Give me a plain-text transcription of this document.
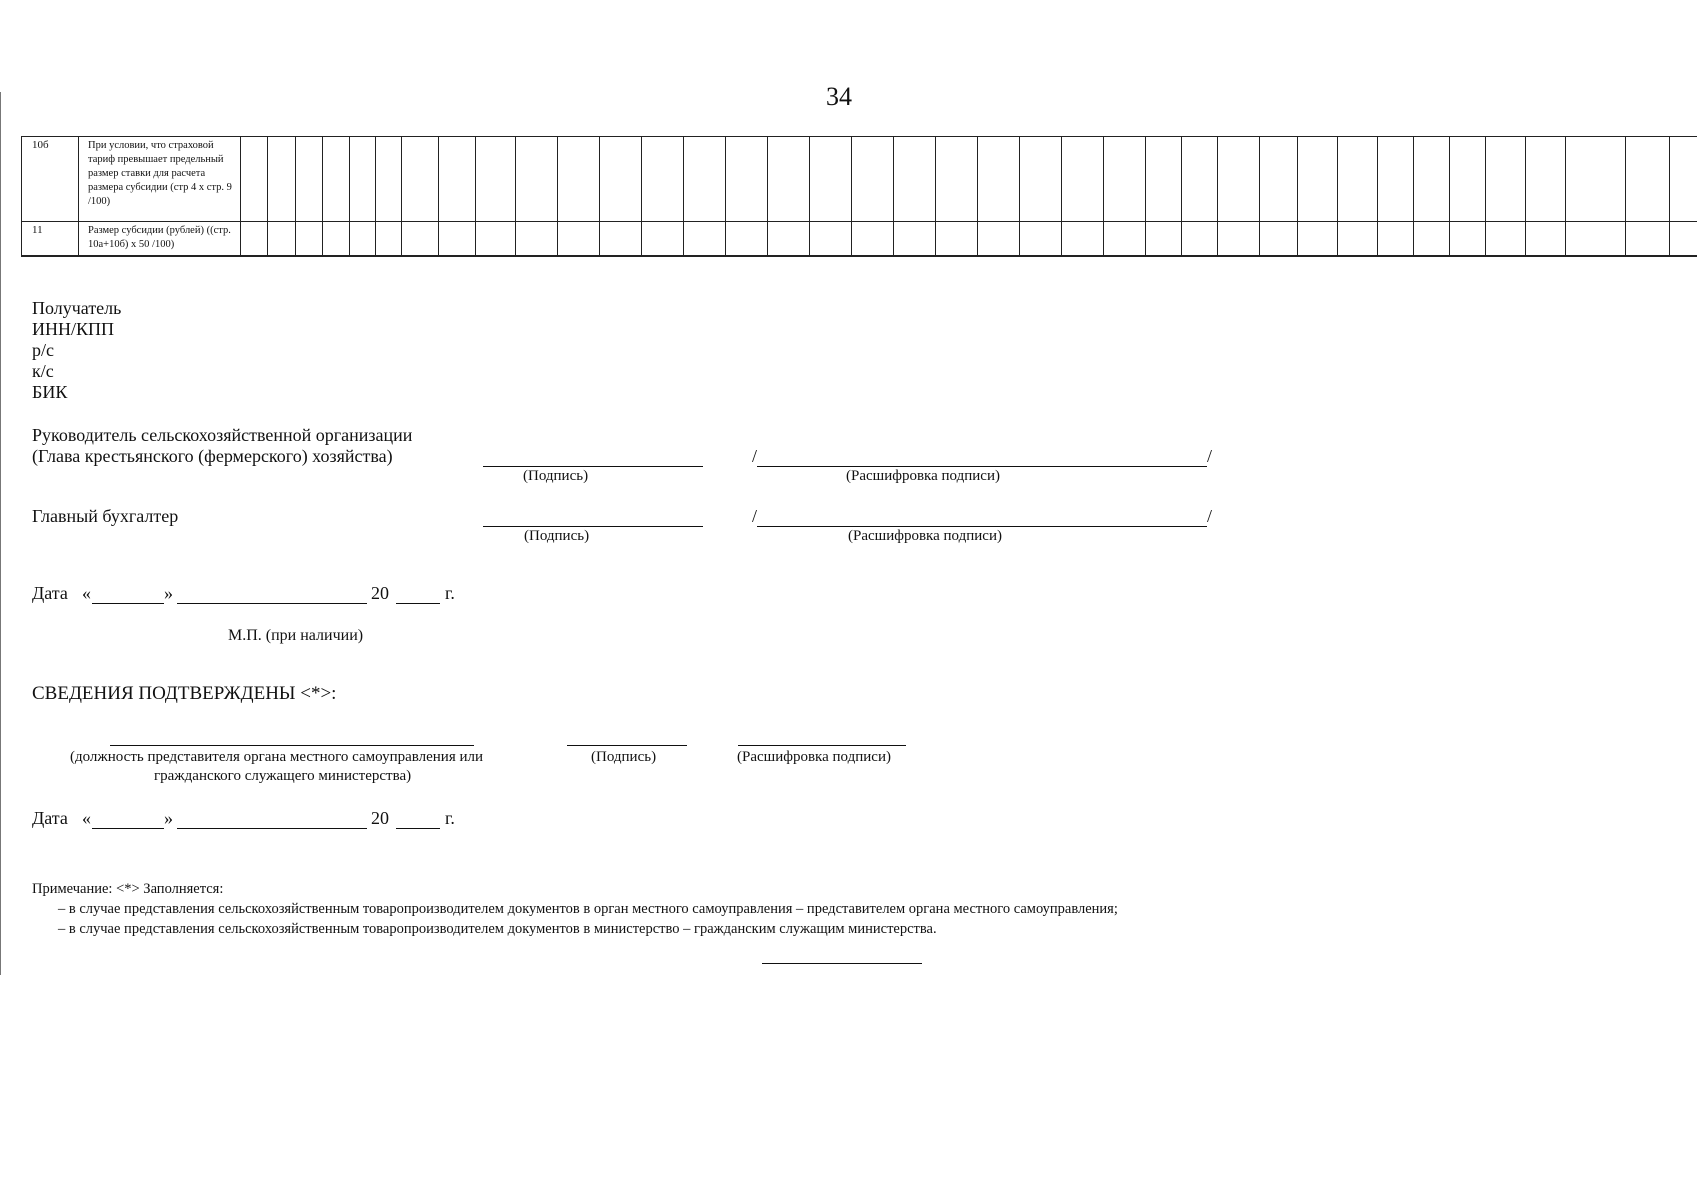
34
10б	При условии, что страховой тариф превышает предельный размер ставки для расчета размера субсидии (стр 4 х стр. 9 /100)																																						
11	Размер субсидии (рублей) ((стр. 10а+10б) х 50 /100)																																						
Получатель
ИНН/КПП
р/с
к/с
БИК
Руководитель сельскохозяйственной организации
(Глава крестьянского (фермерского) хозяйства)	/	/
(Подпись)	(Расшифровка подписи)
Главный бухгалтер	/	/
(Подпись)	(Расшифровка подписи)
Дата «	»	20	г.
М.П. (при наличии)
СВЕДЕНИЯ ПОДТВЕРЖДЕНЫ <*>:
(должность представителя органа местного самоуправления или
гражданского служащего министерства)
(Подпись)	(Расшифровка подписи)
Дата «	»	20	г.
Примечание: <*> Заполняется:
– в случае представления сельскохозяйственным товаропроизводителем документов в орган местного самоуправления – представителем органа местного самоуправления;
– в случае представления сельскохозяйственным товаропроизводителем документов в министерство – гражданским служащим министерства.
